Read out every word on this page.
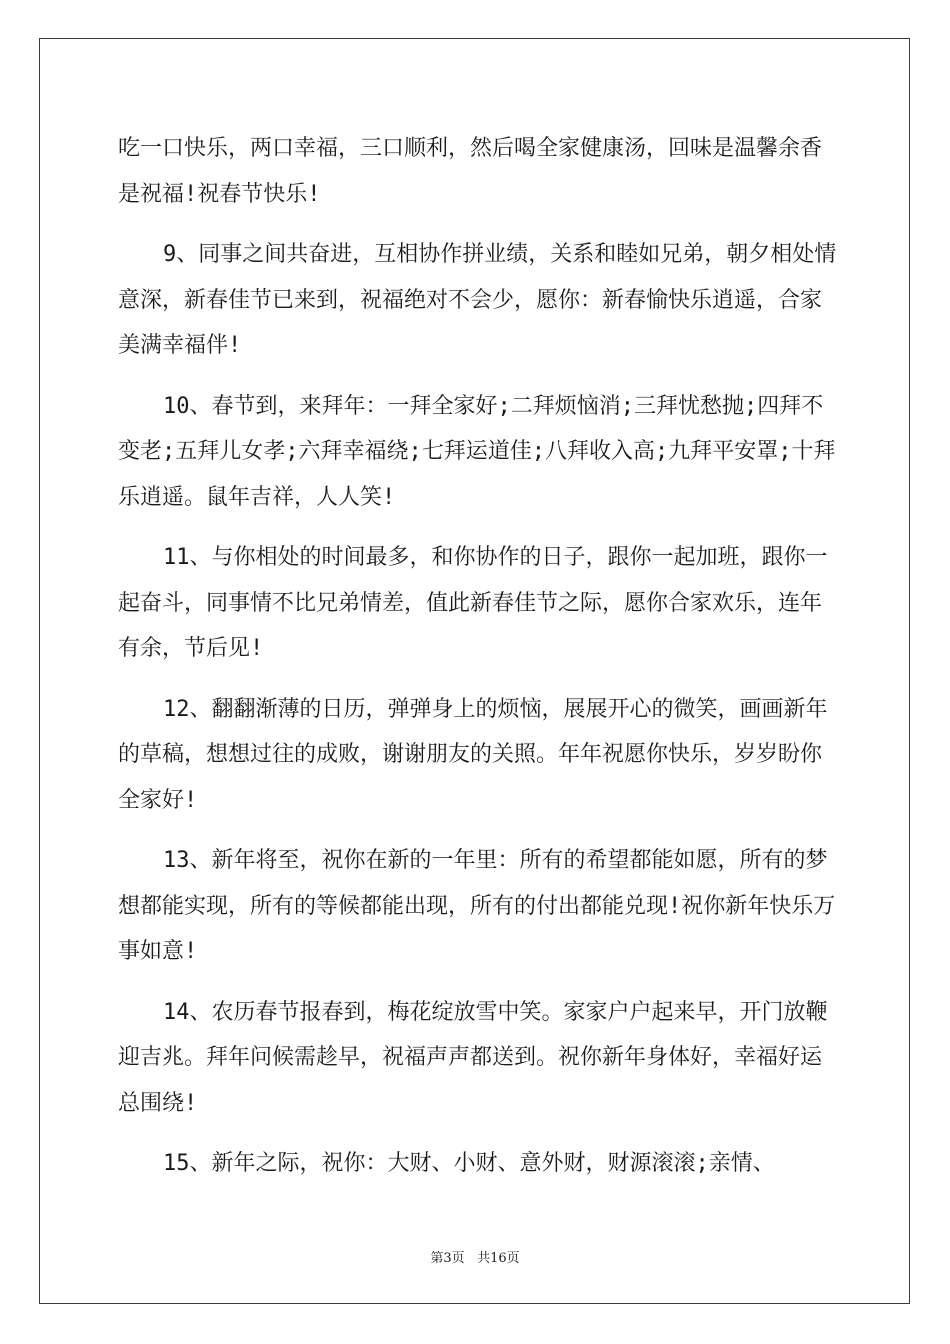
吃一口快乐，两口幸福，三口顺利，然后喝全家健康汤，回味是温馨余香是祝福!祝春节快乐!

9、同事之间共奋进，互相协作拼业绩，关系和睦如兄弟，朝夕相处情意深，新春佳节已来到，祝福绝对不会少，愿你：新春愉快乐逍遥，合家美满幸福伴!

10、春节到，来拜年：一拜全家好;二拜烦恼消;三拜忧愁抛;四拜不变老;五拜儿女孝;六拜幸福绕;七拜运道佳;八拜收入高;九拜平安罩;十拜乐逍遥。鼠年吉祥，人人笑!

11、与你相处的时间最多，和你协作的日子，跟你一起加班，跟你一起奋斗，同事情不比兄弟情差，值此新春佳节之际，愿你合家欢乐，连年有余，节后见!

12、翻翻渐薄的日历，弹弹身上的烦恼，展展开心的微笑，画画新年的草稿，想想过往的成败，谢谢朋友的关照。年年祝愿你快乐，岁岁盼你全家好!

13、新年将至，祝你在新的一年里：所有的希望都能如愿，所有的梦想都能实现，所有的等候都能出现，所有的付出都能兑现!祝你新年快乐万事如意!

14、农历春节报春到，梅花绽放雪中笑。家家户户起来早，开门放鞭迎吉兆。拜年问候需趁早，祝福声声都送到。祝你新年身体好，幸福好运总围绕!

15、新年之际，祝你：大财、小财、意外财，财源滚滚;亲情、

第3页 共16页
